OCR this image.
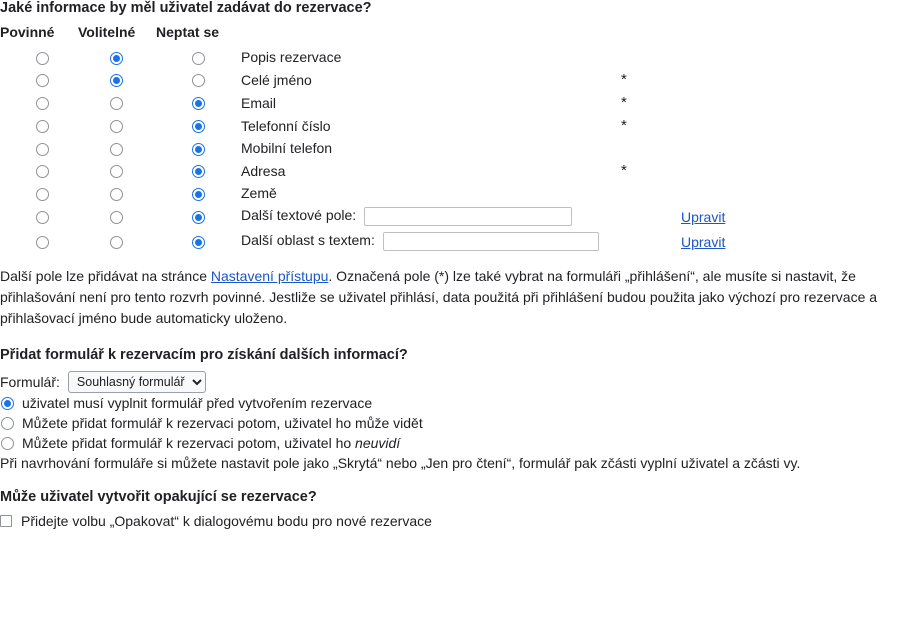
Jaké informace by měl uživatel zadávat do rezervace?
Povinné	Volitelné	Neptat se			
			Popis rezervace		
			Celé jméno	*	
			Email	*	
			Telefonní číslo	*	
			Mobilní telefon		
			Adresa	*	
			Země		
			Další textové pole:		Upravit
			Další oblast s textem:		Upravit
Další pole lze přidávat na stránce Nastavení přístupu. Označená pole (*) lze také vybrat na formuláři „přihlášení“, ale musíte si nastavit, že přihlašování není pro tento rozvrh povinné. Jestliže se uživatel přihlásí, data použitá při přihlášení budou použita jako výchozí pro rezervace a přihlašovací jméno bude automaticky uloženo.
Přidat formulář k rezervacím pro získání dalších informací?
Formulář:
Souhlasný formulář
uživatel musí vyplnit formulář před vytvořením rezervace
Můžete přidat formulář k rezervaci potom, uživatel ho může vidět
Můžete přidat formulář k rezervaci potom, uživatel ho neuvidí
Při navrhování formuláře si můžete nastavit pole jako „Skrytá“ nebo „Jen pro čtení“, formulář pak zčásti vyplní uživatel a zčásti vy.
Může uživatel vytvořit opakující se rezervace?
Přidejte volbu „Opakovat“ k dialogovému bodu pro nové rezervace
